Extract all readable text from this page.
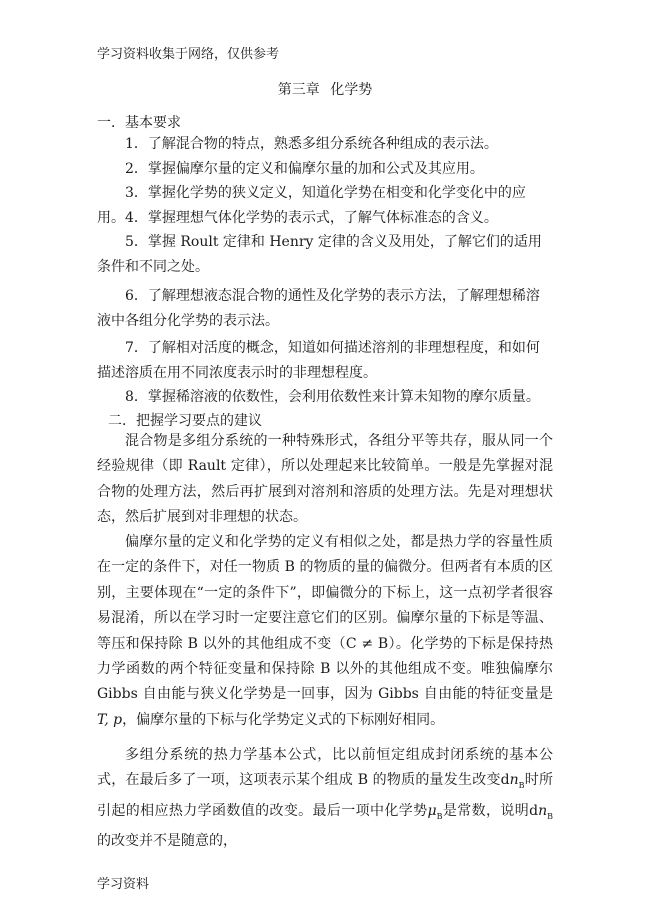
学习资料收集于网络，仅供参考
第三章 化学势
一．基本要求

1．了解混合物的特点，熟悉多组分系统各种组成的表示法。

2．掌握偏摩尔量的定义和偏摩尔量的加和公式及其应用。

3．掌握化学势的狭义定义，知道化学势在相变和化学变化中的应用。 4．掌握理想气体化学势的表示式，了解气体标准态的含义。

5．掌握 Roult 定律和 Henry 定律的含义及用处，了解它们的适用条件和不同之处。

6．了解理想液态混合物的通性及化学势的表示方法，了解理想稀溶液中各组分化学势的表示法。

7．了解相对活度的概念，知道如何描述溶剂的非理想程度，和如何描述溶质在用不同浓度表示时的非理想程度。

8．掌握稀溶液的依数性，会利用依数性来计算未知物的摩尔质量。

二．把握学习要点的建议

混合物是多组分系统的一种特殊形式，各组分平等共存，服从同一个经验规律（即 Rault 定律），所以处理起来比较简单。一般是先掌握对混合物的处理方法，然后再扩展到对溶剂和溶质的处理方法。先是对理想状态，然后扩展到对非理想的状态。

偏摩尔量的定义和化学势的定义有相似之处，都是热力学的容量性质在一定的条件下，对任一物质 B 的物质的量的偏微分。但两者有本质的区别，主要体现在“一定的条件下”，即偏微分的下标上，这一点初学者很容易混淆，所以在学习时一定要注意它们的区别。偏摩尔量的下标是等温、等压和保持除 B 以外的其他组成不变（C ≠ B）。化学势的下标是保持热力学函数的两个特征变量和保持除 B 以外的其他组成不变。唯独偏摩尔 Gibbs 自由能与狭义化学势是一回事，因为 Gibbs 自由能的特征变量是T, p，偏摩尔量的下标与化学势定义式的下标刚好相同。

多组分系统的热力学基本公式，比以前恒定组成封闭系统的基本公式，在最后多了一项，这项表示某个组成 B 的物质的量发生改变$dn_B$时所引起的相应热力学函数值的改变。最后一项中化学势$\mu_B$是常数，说明$dn_B$的改变并不是随意的，

学习资料
